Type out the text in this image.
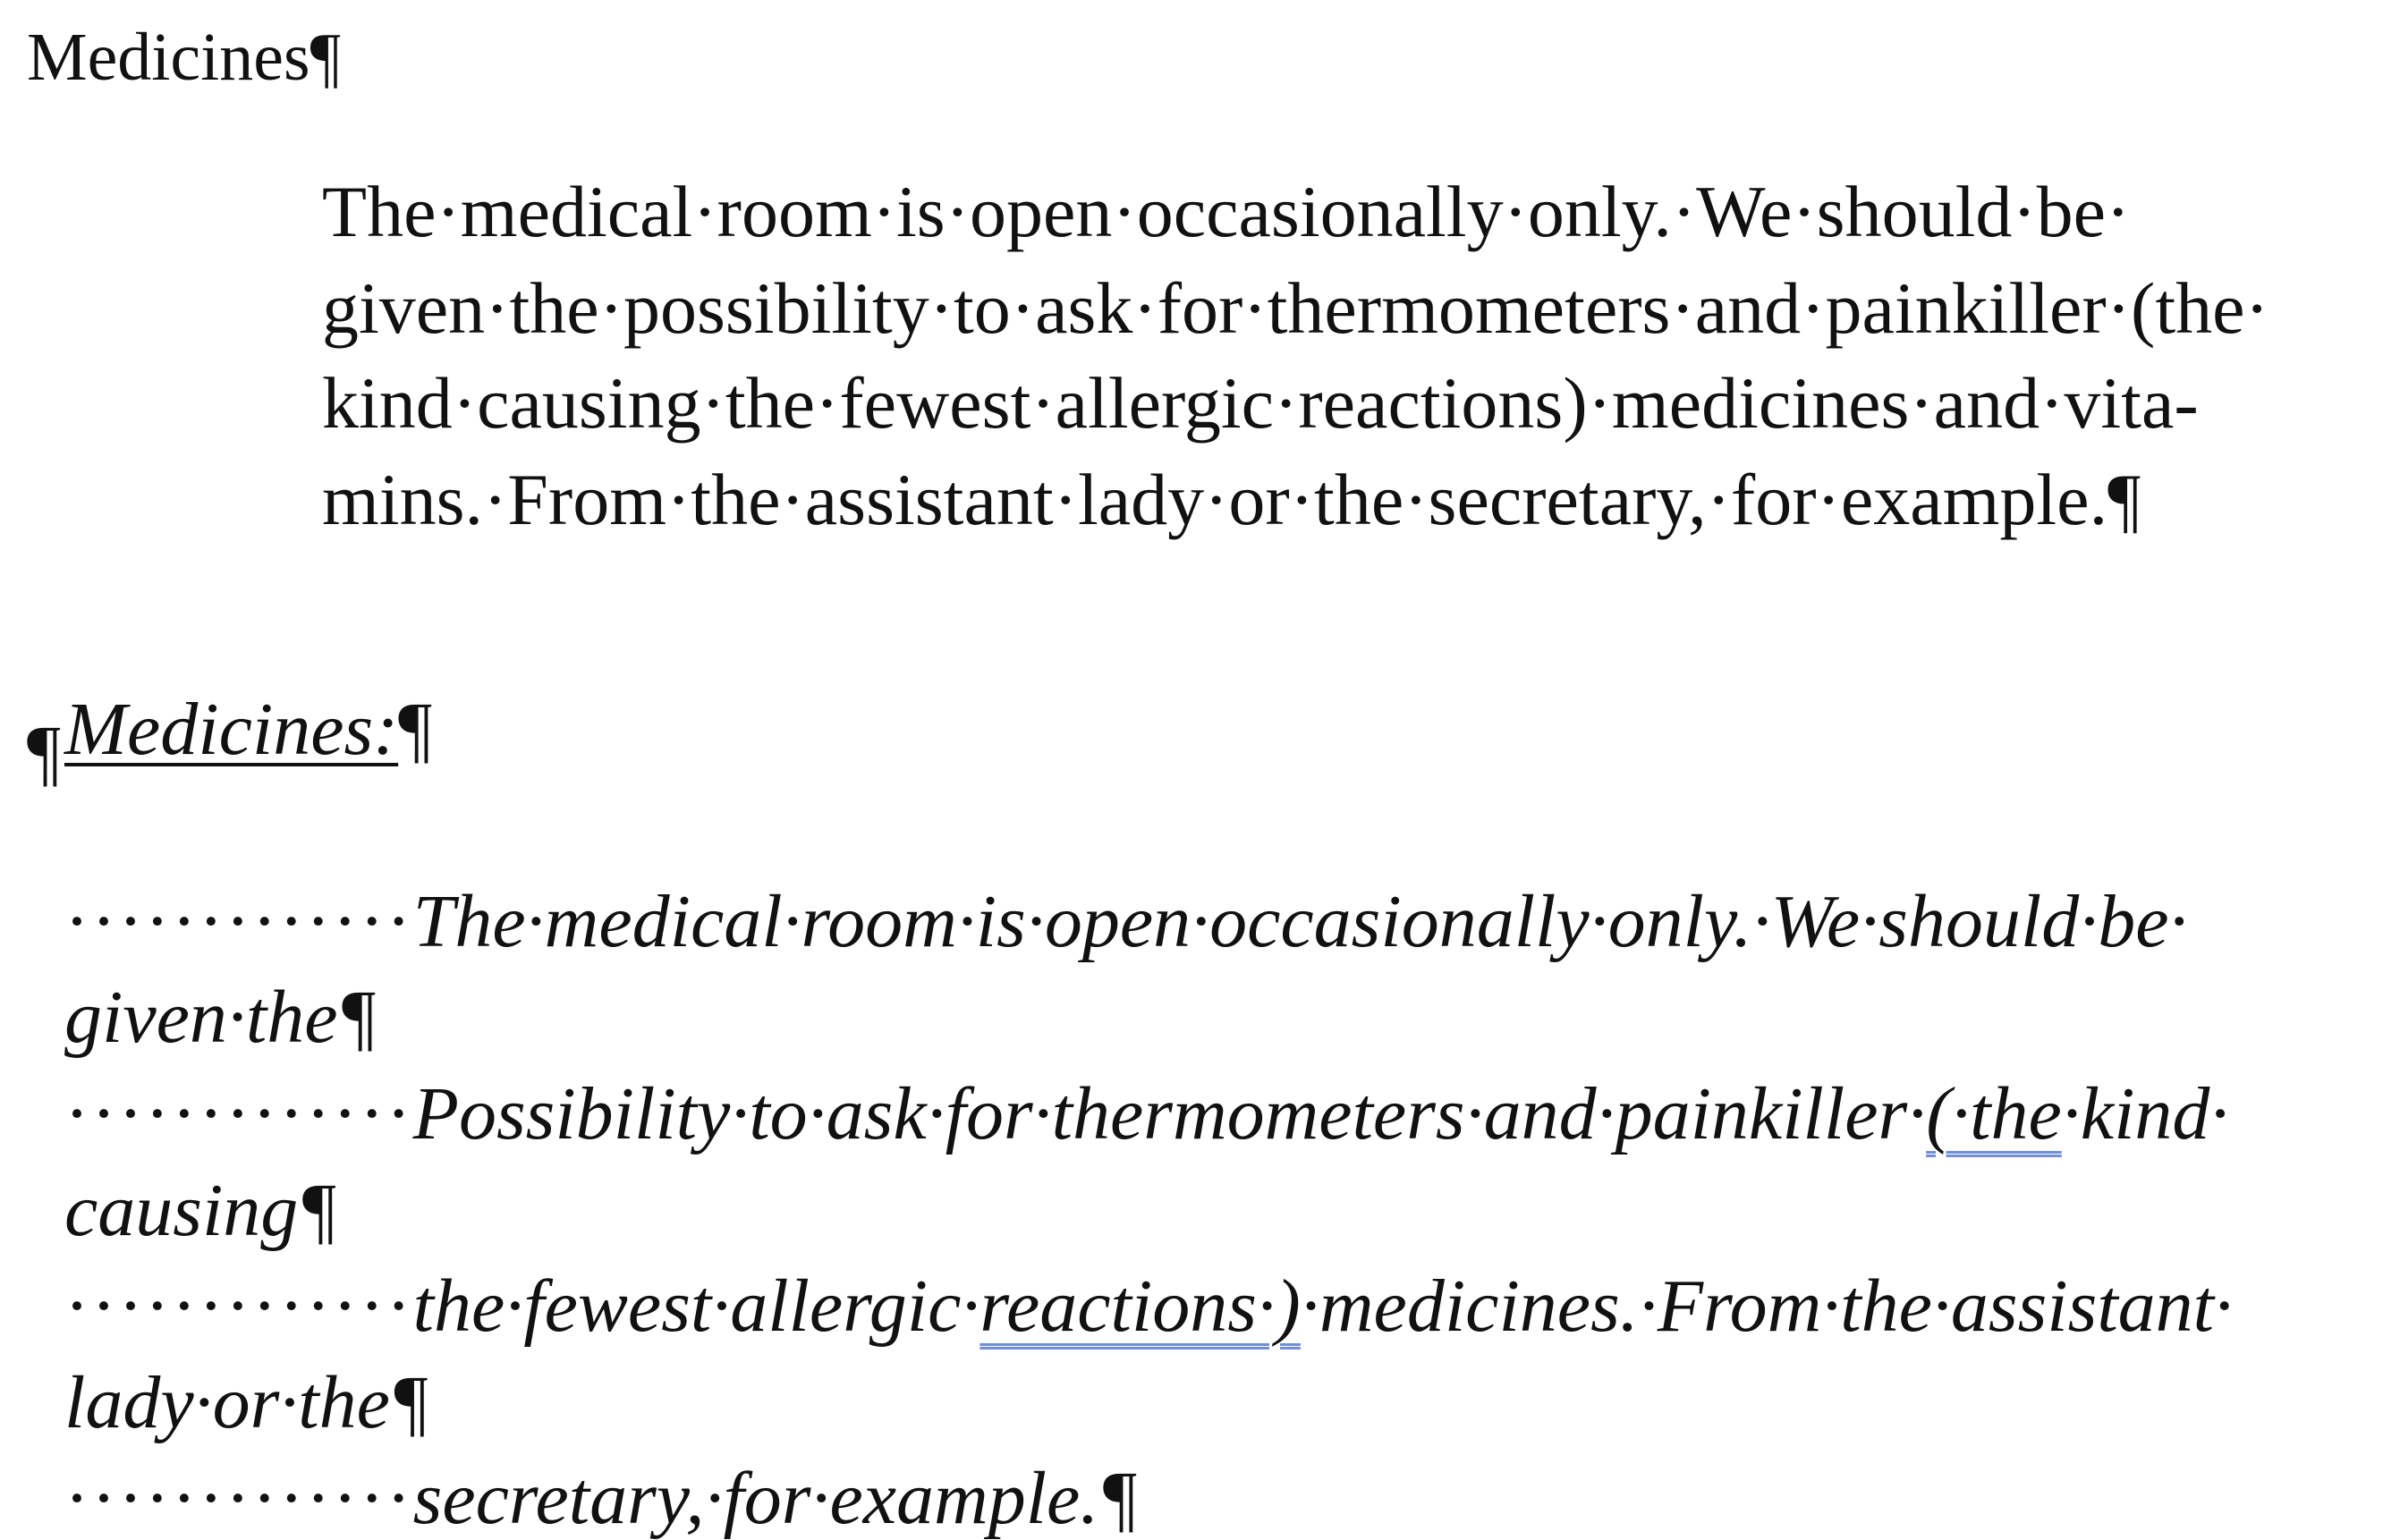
Medicines¶
The·medical·room·is·open·occasionally·only.·We·should·be·
given·the·possibility·to·ask·for·thermometers·and·painkiller·(the·
kind·causing·the·fewest·allergic·reactions)·medicines·and·vita-
mins.·From·the·assistant·lady·or·the·secretary,·for·example.¶

Medicines:¶

¶

·············The·medical·room·is·open·occasionally·only.·We·should·be·

given·the¶

·············Possibility·to·ask·for·thermometers·and·painkiller·(·the·kind·

causing¶

·············the·fewest·allergic·reactions·)·medicines.·From·the·assistant·

lady·or·the¶

·············secretary,·for·example.¶
